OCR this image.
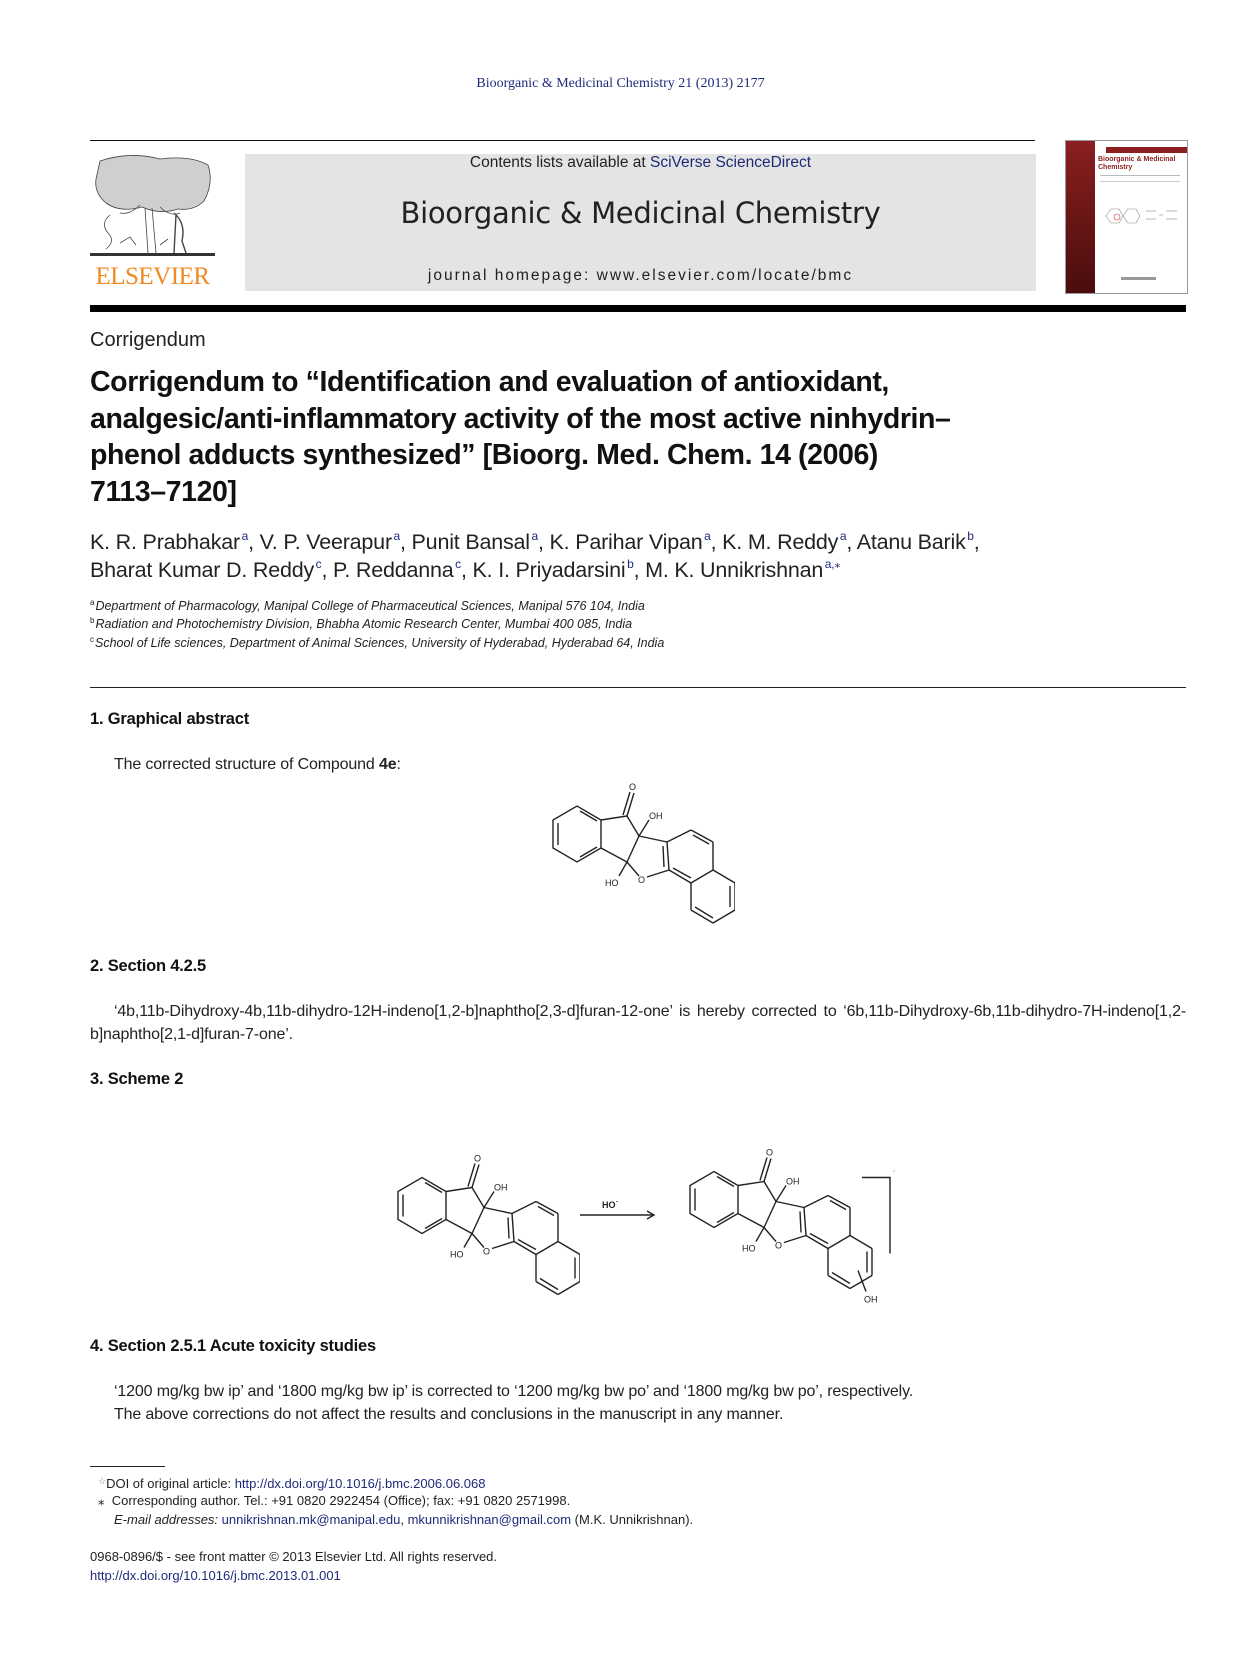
Bioorganic & Medicinal Chemistry 21 (2013) 2177
ELSEVIER
Contents lists available at SciVerse ScienceDirect
Bioorganic & Medicinal Chemistry
journal homepage: www.elsevier.com/locate/bmc
Bioorganic & Medicinal Chemistry
Corrigendum
Corrigendum to “Identification and evaluation of antioxidant,
analgesic/anti-inflammatory activity of the most active ninhydrin–
phenol adducts synthesized” [Bioorg. Med. Chem. 14 (2006)
7113–7120]
K. R. Prabhakar  $^a$, V. P. Veerapur  $^a$, Punit Bansal  $^a$, K. Parihar Vipan  $^a$, K. M. Reddy  $^a$, Atanu Barik  $^b$,
Bharat Kumar D. Reddy  $^c$, P. Reddanna  $^c$, K. I. Priyadarsini  $^b$, M. K. Unnikrishnan  $^{a,⁎}$
$^a$Department of Pharmacology, Manipal College of Pharmaceutical Sciences, Manipal 576 104, India
$^b$Radiation and Photochemistry Division, Bhabha Atomic Research Center, Mumbai 400 085, India
$^c$School of Life sciences, Department of Animal Sciences, University of Hyderabad, Hyderabad 64, India
1. Graphical abstract
The corrected structure of Compound 4e:
O
OH
HO O
2. Section 4.2.5
‘4b,11b-Dihydroxy-4b,11b-dihydro-12H-indeno[1,2-b]naphtho[2,3-d]furan-12-one’ is hereby corrected to ‘6b,11b-Dihydroxy-6b,11b-dihydro-7H-indeno[1,2-b]naphtho[2,1-d]furan-7-one’.
3. Scheme 2
O
OH
HO O
HO˙
O
OH
HO O
OH
˙
4. Section 2.5.1 Acute toxicity studies
‘1200 mg/kg bw ip’ and ‘1800 mg/kg bw ip’ is corrected to ‘1200 mg/kg bw po’ and ‘1800 mg/kg bw po’, respectively.
The above corrections do not affect the results and conclusions in the manuscript in any manner.
☆DOI of original article: http://dx.doi.org/10.1016/j.bmc.2006.06.068
⁎ Corresponding author. Tel.: +91 0820 2922454 (Office); fax: +91 0820 2571998.
E-mail addresses: unnikrishnan.mk@manipal.edu, mkunnikrishnan@gmail.com (M.K. Unnikrishnan).
0968-0896/$ - see front matter © 2013 Elsevier Ltd. All rights reserved.
http://dx.doi.org/10.1016/j.bmc.2013.01.001
